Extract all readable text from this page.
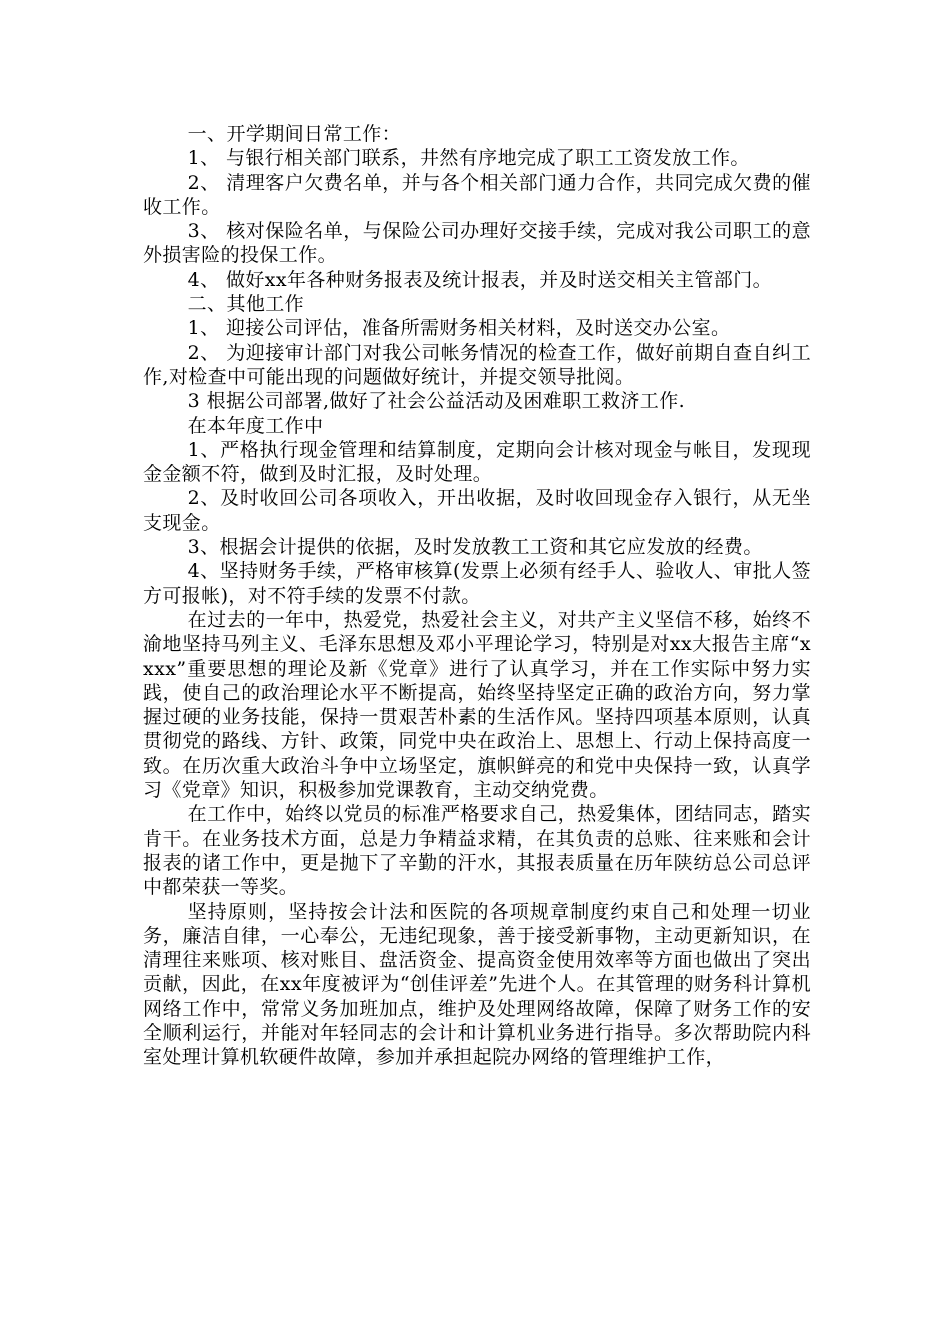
一、开学期间日常工作：

1、 与银行相关部门联系，井然有序地完成了职工工资发放工作。

2、 清理客户欠费名单，并与各个相关部门通力合作，共同完成欠费的催收工作。

3、 核对保险名单，与保险公司办理好交接手续，完成对我公司职工的意外损害险的投保工作。

4、 做好xx年各种财务报表及统计报表，并及时送交相关主管部门。

二、其他工作

1、 迎接公司评估，准备所需财务相关材料，及时送交办公室。

2、 为迎接审计部门对我公司帐务情况的检查工作，做好前期自查自纠工作,对检查中可能出现的问题做好统计，并提交领导批阅。

3 根据公司部署,做好了社会公益活动及困难职工救济工作.

在本年度工作中

1、严格执行现金管理和结算制度，定期向会计核对现金与帐目，发现现金金额不符，做到及时汇报，及时处理。

2、及时收回公司各项收入，开出收据，及时收回现金存入银行，从无坐支现金。

3、根据会计提供的依据，及时发放教工工资和其它应发放的经费。

4、坚持财务手续，严格审核算(发票上必须有经手人、验收人、审批人签方可报帐)，对不符手续的发票不付款。

在过去的一年中，热爱党，热爱社会主义，对共产主义坚信不移，始终不渝地坚持马列主义、毛泽东思想及邓小平理论学习，特别是对xx大报告主席“xxxx”重要思想的理论及新《党章》进行了认真学习，并在工作实际中努力实践，使自己的政治理论水平不断提高，始终坚持坚定正确的政治方向，努力掌握过硬的业务技能，保持一贯艰苦朴素的生活作风。坚持四项基本原则，认真贯彻党的路线、方针、政策，同党中央在政治上、思想上、行动上保持高度一致。在历次重大政治斗争中立场坚定，旗帜鲜亮的和党中央保持一致，认真学习《党章》知识，积极参加党课教育，主动交纳党费。

在工作中，始终以党员的标准严格要求自己，热爱集体，团结同志，踏实肯干。在业务技术方面，总是力争精益求精，在其负责的总账、往来账和会计报表的诸工作中，更是抛下了辛勤的汗水，其报表质量在历年陕纺总公司总评中都荣获一等奖。

坚持原则，坚持按会计法和医院的各项规章制度约束自己和处理一切业务，廉洁自律，一心奉公，无违纪现象，善于接受新事物，主动更新知识，在清理往来账项、核对账目、盘活资金、提高资金使用效率等方面也做出了突出贡献，因此，在xx年度被评为“创佳评差”先进个人。在其管理的财务科计算机网络工作中，常常义务加班加点，维护及处理网络故障，保障了财务工作的安全顺利运行，并能对年轻同志的会计和计算机业务进行指导。多次帮助院内科室处理计算机软硬件故障，参加并承担起院办网络的管理维护工作，
